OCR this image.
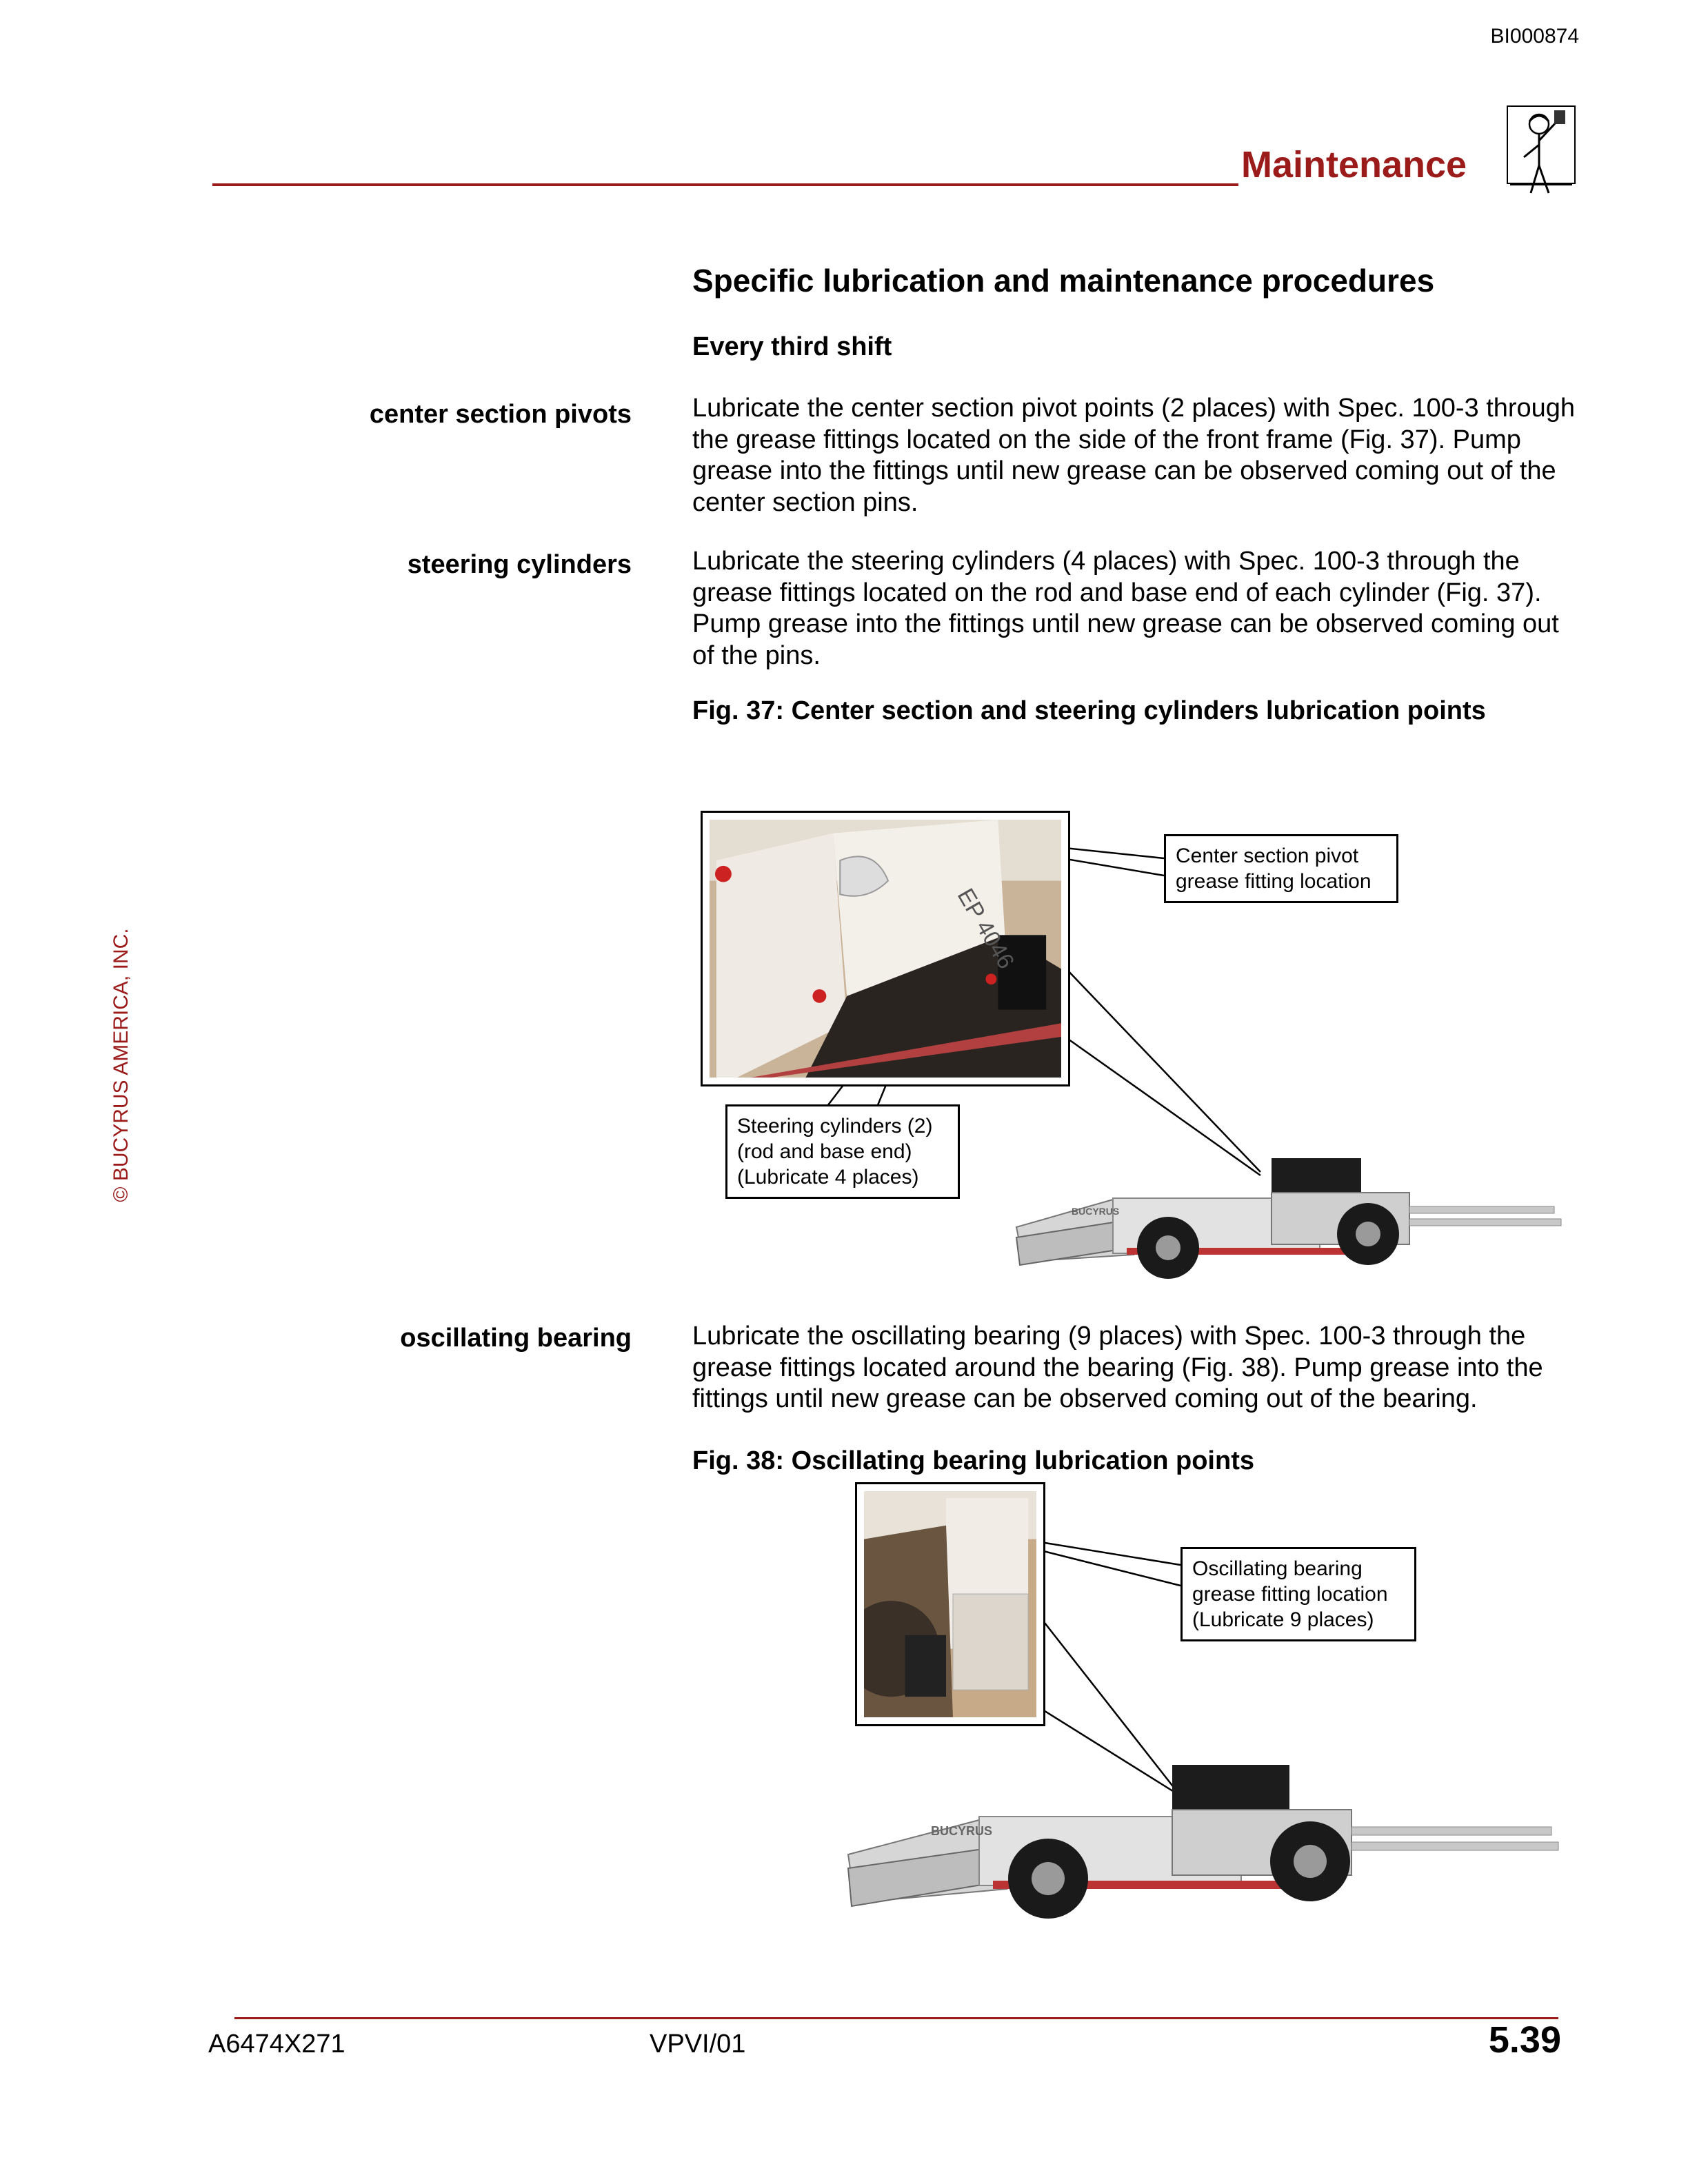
BI000874
Maintenance
© BUCYRUS AMERICA, INC.
Specific lubrication and maintenance procedures
Every third shift
center section pivots Lubricate the center section pivot points (2 places) with Spec. 100-3 through the grease fittings located on the side of the front frame (Fig. 37). Pump grease into the fittings until new grease can be observed coming out of the center section pins.
steering cylinders Lubricate the steering cylinders (4 places) with Spec. 100-3 through the grease fittings located on the rod and base end of each cylinder (Fig. 37). Pump grease into the fittings until new grease can be observed coming out of the pins.
Fig. 37: Center section and steering cylinders lubrication points
EP 4046
Center section pivot
grease fitting location
Steering cylinders (2)
(rod and base end)
(Lubricate 4 places)
BUCYRUS
oscillating bearing Lubricate the oscillating bearing (9 places) with Spec. 100-3 through the grease fittings located around the bearing (Fig. 38). Pump grease into the fittings until new grease can be observed coming out of the bearing.
Fig. 38: Oscillating bearing lubrication points
Oscillating bearing
grease fitting location
(Lubricate 9 places)
BUCYRUS
A6474X271	VPVI/01	5.39
